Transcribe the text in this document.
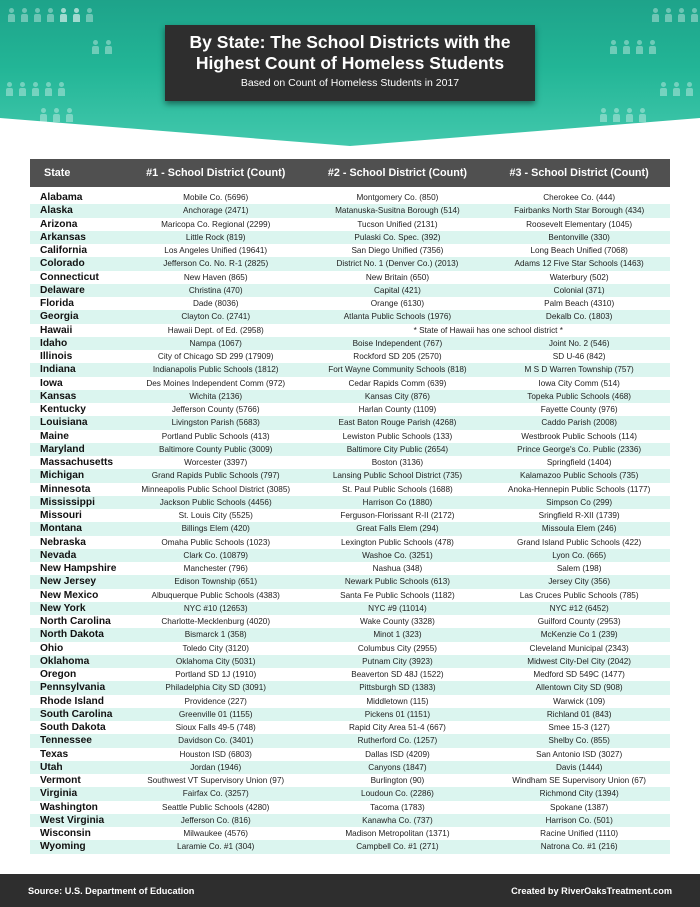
By State: The School Districts with the
Highest Count of Homeless Students
Based on Count of Homeless Students in 2017
State	#1 - School District (Count)	#2 - School District (Count)	#3 - School District (Count)
Alabama	Mobile Co. (5696)	Montgomery Co. (850)	Cherokee Co. (444)
Alaska	Anchorage (2471)	Matanuska-Susitna Borough (514)	Fairbanks North Star Borough (434)
Arizona	Maricopa Co. Regional (2299)	Tucson Unified (2131)	Roosevelt Elementary (1045)
Arkansas	Little Rock (819)	Pulaski Co. Spec. (392)	Bentonville (330)
California	Los Angeles Unified (19641)	San Diego Unified (7356)	Long Beach Unified (7068)
Colorado	Jefferson Co. No. R-1 (2825)	District No. 1 (Denver Co.) (2013)	Adams 12 Five Star Schools (1463)
Connecticut	New Haven (865)	New Britain (650)	Waterbury (502)
Delaware	Christina (470)	Capital (421)	Colonial (371)
Florida	Dade (8036)	Orange (6130)	Palm Beach (4310)
Georgia	Clayton Co. (2741)	Atlanta Public Schools (1976)	Dekalb Co. (1803)
Hawaii	Hawaii Dept. of Ed. (2958)	* State of Hawaii has one school district *
Idaho	Nampa (1067)	Boise Independent (767)	Joint No. 2 (546)
Illinois	City of Chicago SD 299 (17909)	Rockford SD 205 (2570)	SD U-46 (842)
Indiana	Indianapolis Public Schools (1812)	Fort Wayne Community Schools (818)	M S D Warren Township (757)
Iowa	Des Moines Independent Comm (972)	Cedar Rapids Comm (639)	Iowa City Comm (514)
Kansas	Wichita (2136)	Kansas City (876)	Topeka Public Schools (468)
Kentucky	Jefferson County (5766)	Harlan County (1109)	Fayette County (976)
Louisiana	Livingston Parish (5683)	East Baton Rouge Parish (4268)	Caddo Parish (2008)
Maine	Portland Public Schools (413)	Lewiston Public Schools (133)	Westbrook Public Schools (114)
Maryland	Baltimore County Public (3009)	Baltimore City Public (2654)	Prince George's Co. Public (2336)
Massachusetts	Worcester (3397)	Boston (3136)	Springfield (1404)
Michigan	Grand Rapids Public Schools (797)	Lansing Public School District (735)	Kalamazoo Public Schools (735)
Minnesota	Minneapolis Public School District (3085)	St. Paul Public Schools (1688)	Anoka-Hennepin Public Schools (1177)
Mississippi	Jackson Public Schools (4456)	Harrison Co (1880)	Simpson Co (299)
Missouri	St. Louis City (5525)	Ferguson-Florissant R-II (2172)	Sringfield R-XII (1739)
Montana	Billings Elem (420)	Great Falls Elem (294)	Missoula Elem (246)
Nebraska	Omaha Public Schools (1023)	Lexington Public Schools (478)	Grand Island Public Schools (422)
Nevada	Clark Co. (10879)	Washoe Co. (3251)	Lyon Co. (665)
New Hampshire	Manchester (796)	Nashua (348)	Salem (198)
New Jersey	Edison Township (651)	Newark Public Schools (613)	Jersey City (356)
New Mexico	Albuquerque Public Schools (4383)	Santa Fe Public Schools (1182)	Las Cruces Public Schools (785)
New York	NYC #10 (12653)	NYC #9 (11014)	NYC #12 (6452)
North Carolina	Charlotte-Mecklenburg (4020)	Wake County (3328)	Guilford County (2953)
North Dakota	Bismarck 1 (358)	Minot 1 (323)	McKenzie Co 1 (239)
Ohio	Toledo City (3120)	Columbus City (2955)	Cleveland Municipal (2343)
Oklahoma	Oklahoma City (5031)	Putnam City (3923)	Midwest City-Del City (2042)
Oregon	Portland SD 1J (1910)	Beaverton SD 48J (1522)	Medford SD 549C (1477)
Pennsylvania	Philadelphia City SD (3091)	Pittsburgh SD (1383)	Allentown City SD (908)
Rhode Island	Providence (227)	Middletown (115)	Warwick (109)
South Carolina	Greenville 01 (1155)	Pickens 01 (1151)	Richland 01 (843)
South Dakota	Sioux Falls 49-5 (748)	Rapid City Area 51-4 (667)	Smee 15-3 (127)
Tennessee	Davidson Co. (3401)	Rutherford Co. (1257)	Shelby Co. (855)
Texas	Houston ISD (6803)	Dallas ISD (4209)	San Antonio ISD (3027)
Utah	Jordan (1946)	Canyons (1847)	Davis (1444)
Vermont	Southwest VT Supervisory Union (97)	Burlington (90)	Windham SE Supervisory Union (67)
Virginia	Fairfax Co. (3257)	Loudoun Co. (2286)	Richmond City (1394)
Washington	Seattle Public Schools (4280)	Tacoma (1783)	Spokane (1387)
West Virginia	Jefferson Co. (816)	Kanawha Co. (737)	Harrison Co. (501)
Wisconsin	Milwaukee (4576)	Madison Metropolitan (1371)	Racine Unified (1110)
Wyoming	Laramie Co. #1 (304)	Campbell Co. #1 (271)	Natrona Co. #1 (216)
Source: U.S. Department of Education	Created by RiverOaksTreatment.com
